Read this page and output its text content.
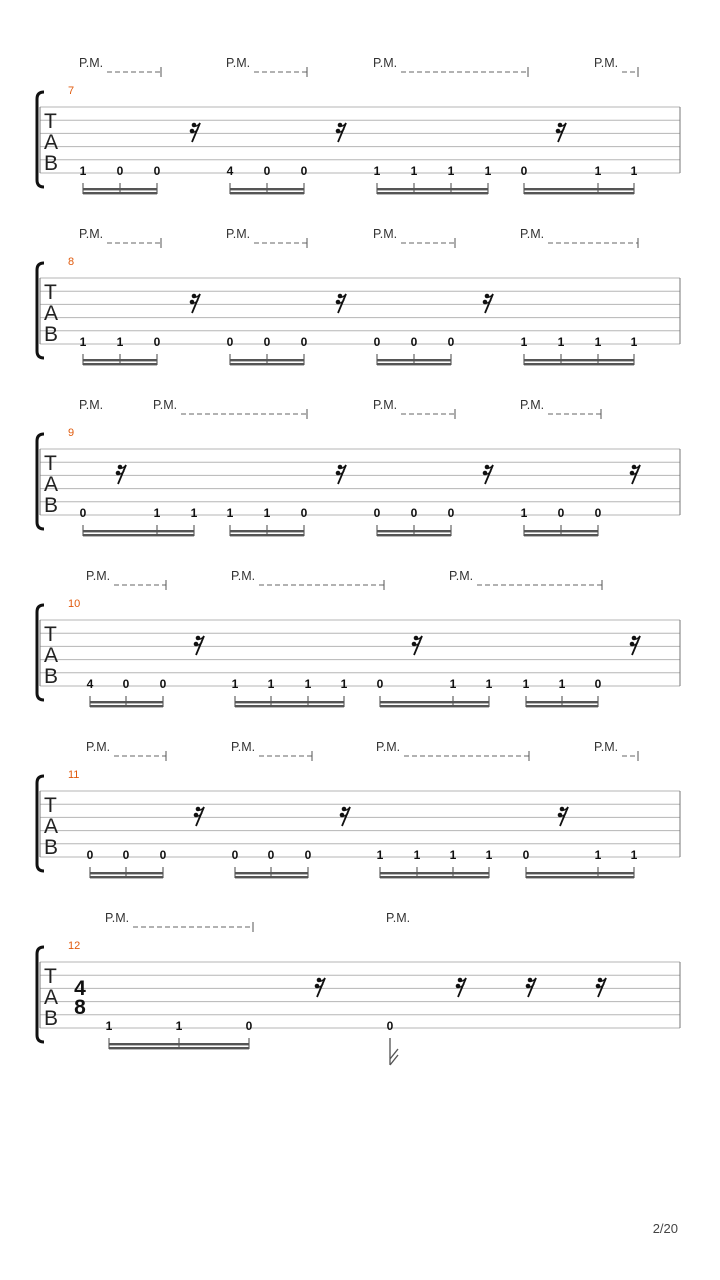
P.M.	P.M.	P.M.	P.M.
7
T
A
B 1	0	0	4	0	0	1	1	1	1 0	1 1
P.M.	P.M.	P.M.	P.M.
8
T
A
B 1	1	0	0	0	0	0	0	0	1	1	1 1
P.M.	P.M.	P.M.	P.M.
9
T
A
B 0	1	1 1	1	0	0	0	0	1	0	0
P.M.	P.M.	P.M.
10
T
A
B 4 0	0	1 1	1 1 0	1 1	1 1 0
P.M.	P.M.	P.M.	P.M.
11
T
A
B 0 0	0	0 0	0	1	1 1 1	0	1 1
P.M.	P.M.
12
T
A
B
4
8
1	1	0	0
2/20
